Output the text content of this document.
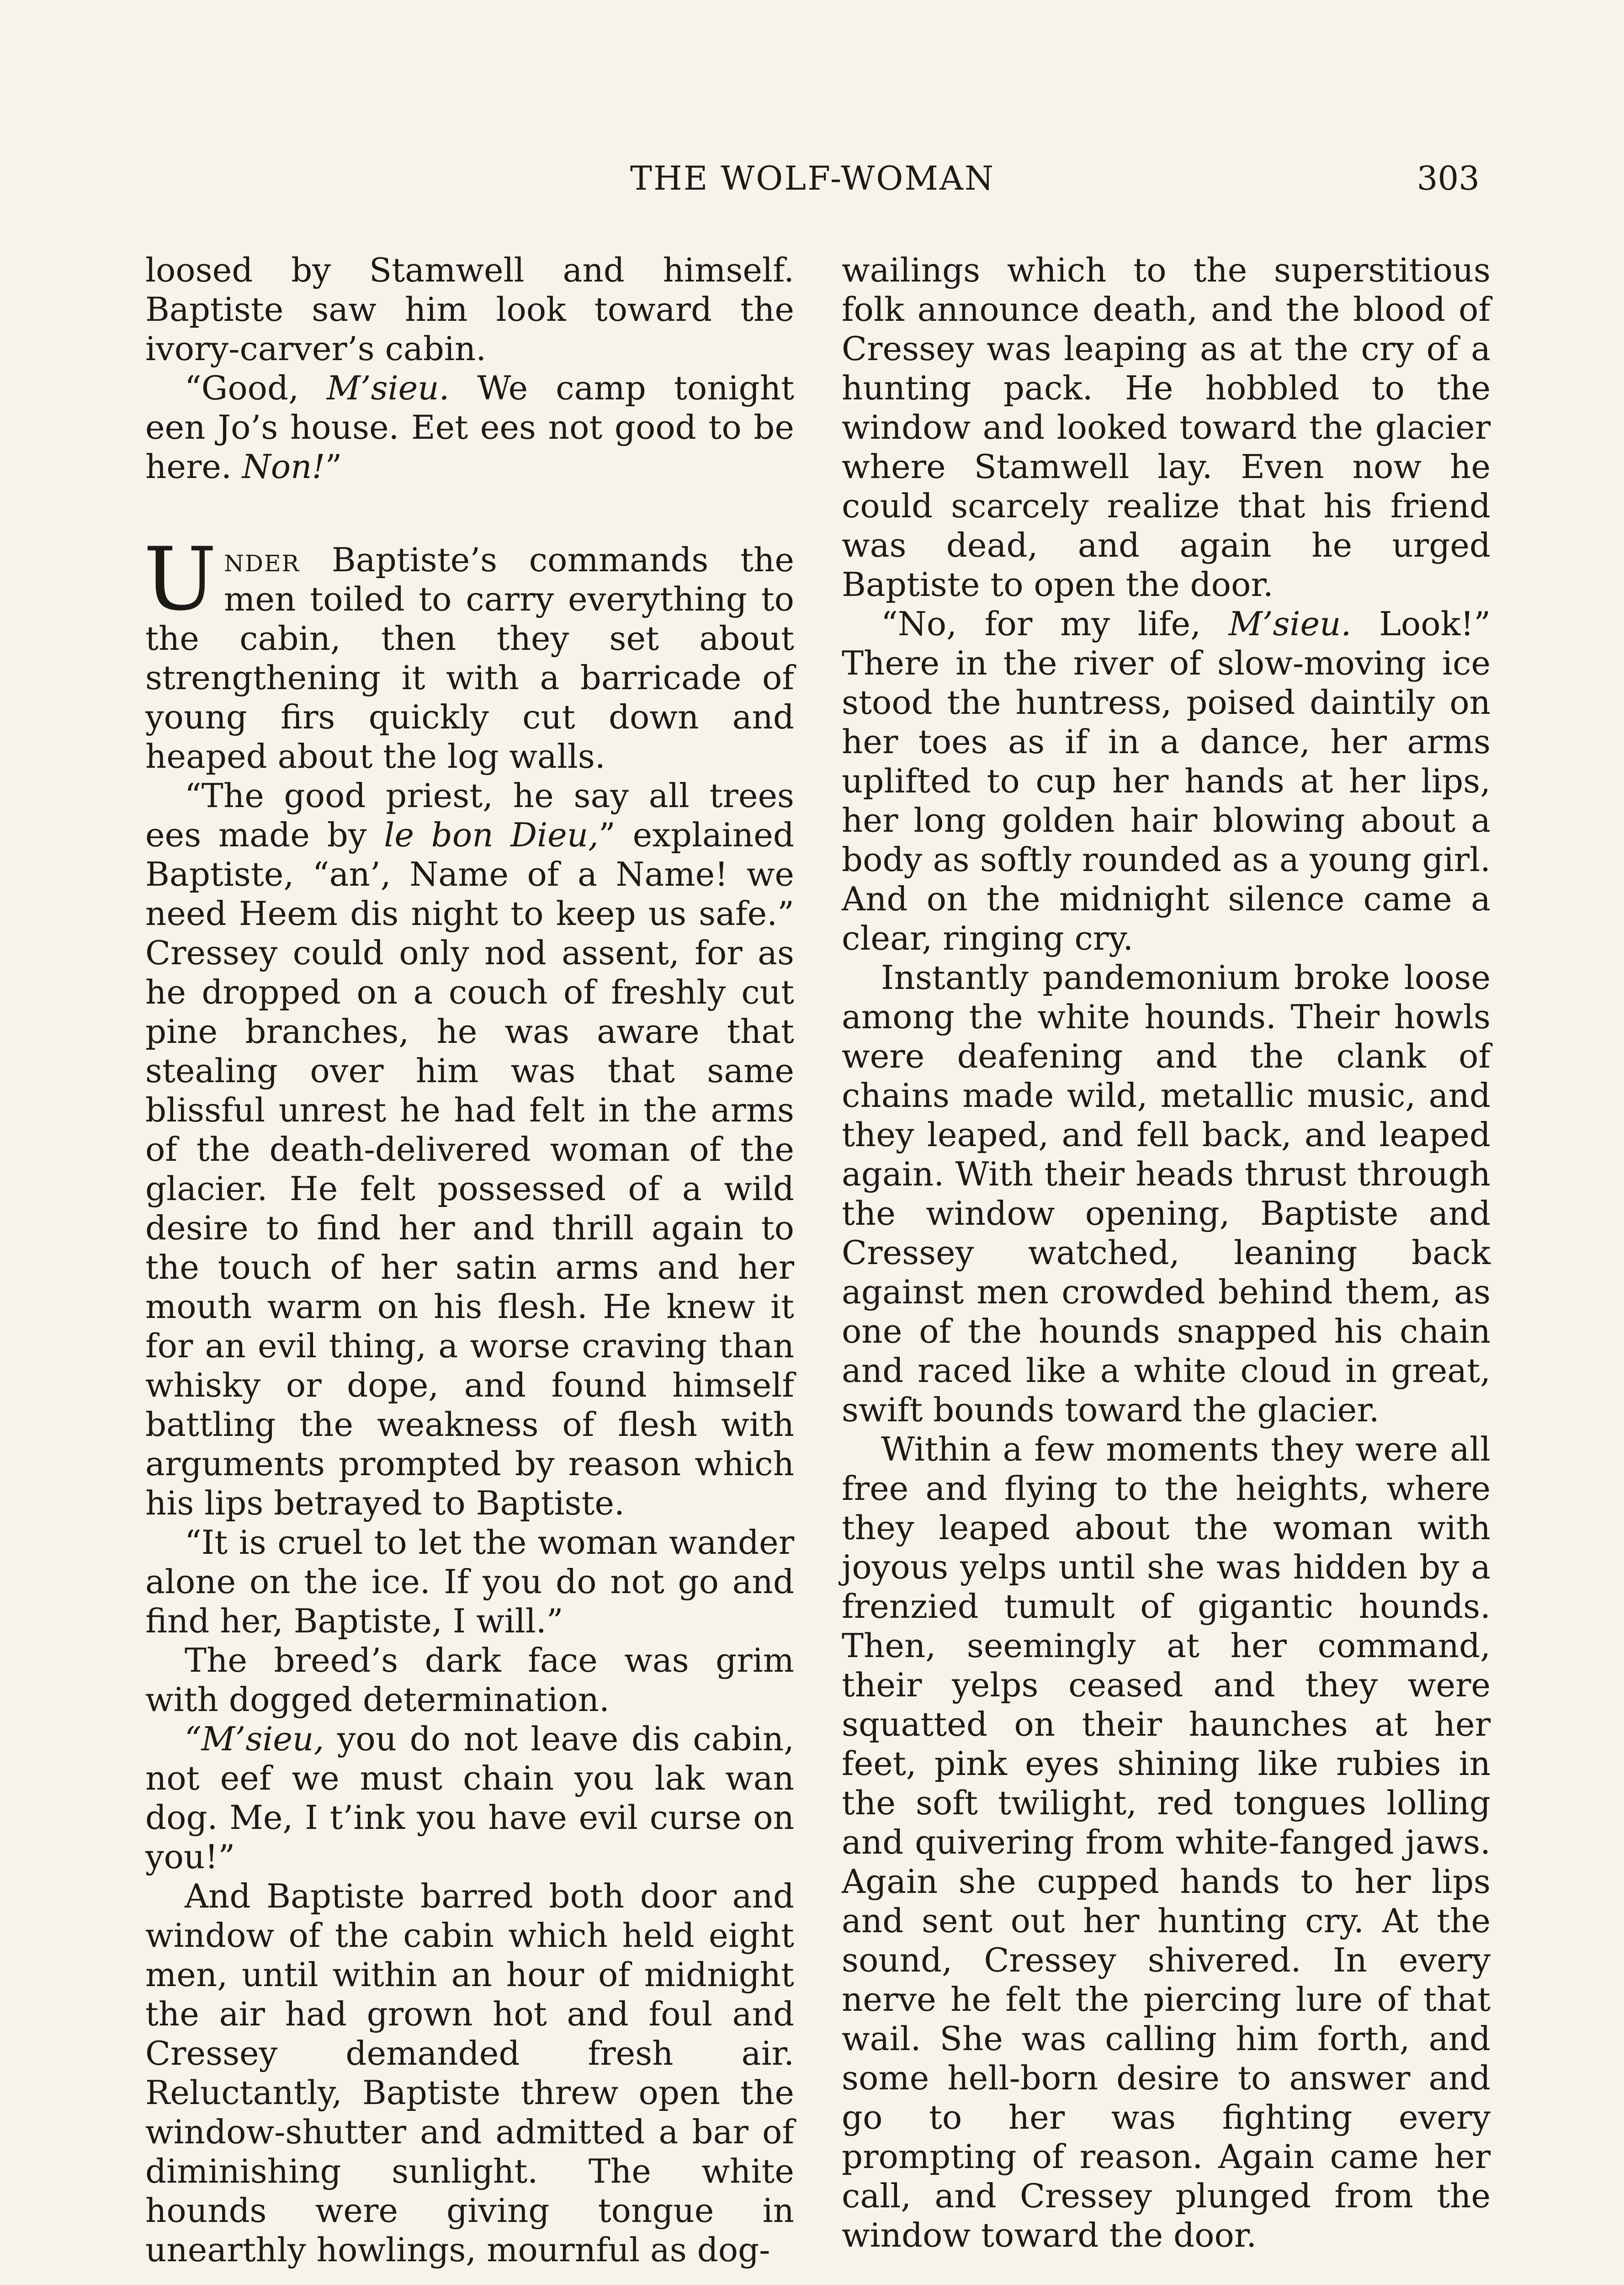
THE WOLF-WOMAN	303

loosed by Stamwell and himself. Baptiste saw him look toward the ivory-carver’s cabin.

“Good, M’sieu. We camp tonight een Jo’s house. Eet ees not good to be here. Non!”

Under Baptiste’s commands the men toiled to carry everything to the cabin, then they set about strengthening it with a barricade of young firs quickly cut down and heaped about the log walls.

“The good priest, he say all trees ees made by le bon Dieu,” explained Baptiste, “an’, Name of a Name! we need Heem dis night to keep us safe.” Cressey could only nod assent, for as he dropped on a couch of freshly cut pine branches, he was aware that stealing over him was that same blissful unrest he had felt in the arms of the death-delivered woman of the glacier. He felt possessed of a wild desire to find her and thrill again to the touch of her satin arms and her mouth warm on his flesh. He knew it for an evil thing, a worse craving than whisky or dope, and found himself battling the weakness of flesh with arguments prompted by reason which his lips betrayed to Baptiste.

“It is cruel to let the woman wander alone on the ice. If you do not go and find her, Baptiste, I will.”

The breed’s dark face was grim with dogged determination.

“M’sieu, you do not leave dis cabin, not eef we must chain you lak wan dog. Me, I t’ink you have evil curse on you!”

And Baptiste barred both door and window of the cabin which held eight men, until within an hour of midnight the air had grown hot and foul and Cressey demanded fresh air. Reluctantly, Baptiste threw open the window-shutter and admitted a bar of diminishing sunlight. The white hounds were giving tongue in unearthly howlings, mournful as dog-

wailings which to the superstitious folk announce death, and the blood of Cressey was leaping as at the cry of a hunting pack. He hobbled to the window and looked toward the glacier where Stamwell lay. Even now he could scarcely realize that his friend was dead, and again he urged Baptiste to open the door.

“No, for my life, M’sieu. Look!” There in the river of slow-moving ice stood the huntress, poised daintily on her toes as if in a dance, her arms uplifted to cup her hands at her lips, her long golden hair blowing about a body as softly rounded as a young girl. And on the midnight silence came a clear, ringing cry.

Instantly pandemonium broke loose among the white hounds. Their howls were deafening and the clank of chains made wild, metallic music, and they leaped, and fell back, and leaped again. With their heads thrust through the window opening, Baptiste and Cressey watched, leaning back against men crowded behind them, as one of the hounds snapped his chain and raced like a white cloud in great, swift bounds toward the glacier.

Within a few moments they were all free and flying to the heights, where they leaped about the woman with joyous yelps until she was hidden by a frenzied tumult of gigantic hounds. Then, seemingly at her command, their yelps ceased and they were squatted on their haunches at her feet, pink eyes shining like rubies in the soft twilight, red tongues lolling and quivering from white-fanged jaws. Again she cupped hands to her lips and sent out her hunting cry. At the sound, Cressey shivered. In every nerve he felt the piercing lure of that wail. She was calling him forth, and some hell-born desire to answer and go to her was fighting every prompting of reason. Again came her call, and Cressey plunged from the window toward the door.
